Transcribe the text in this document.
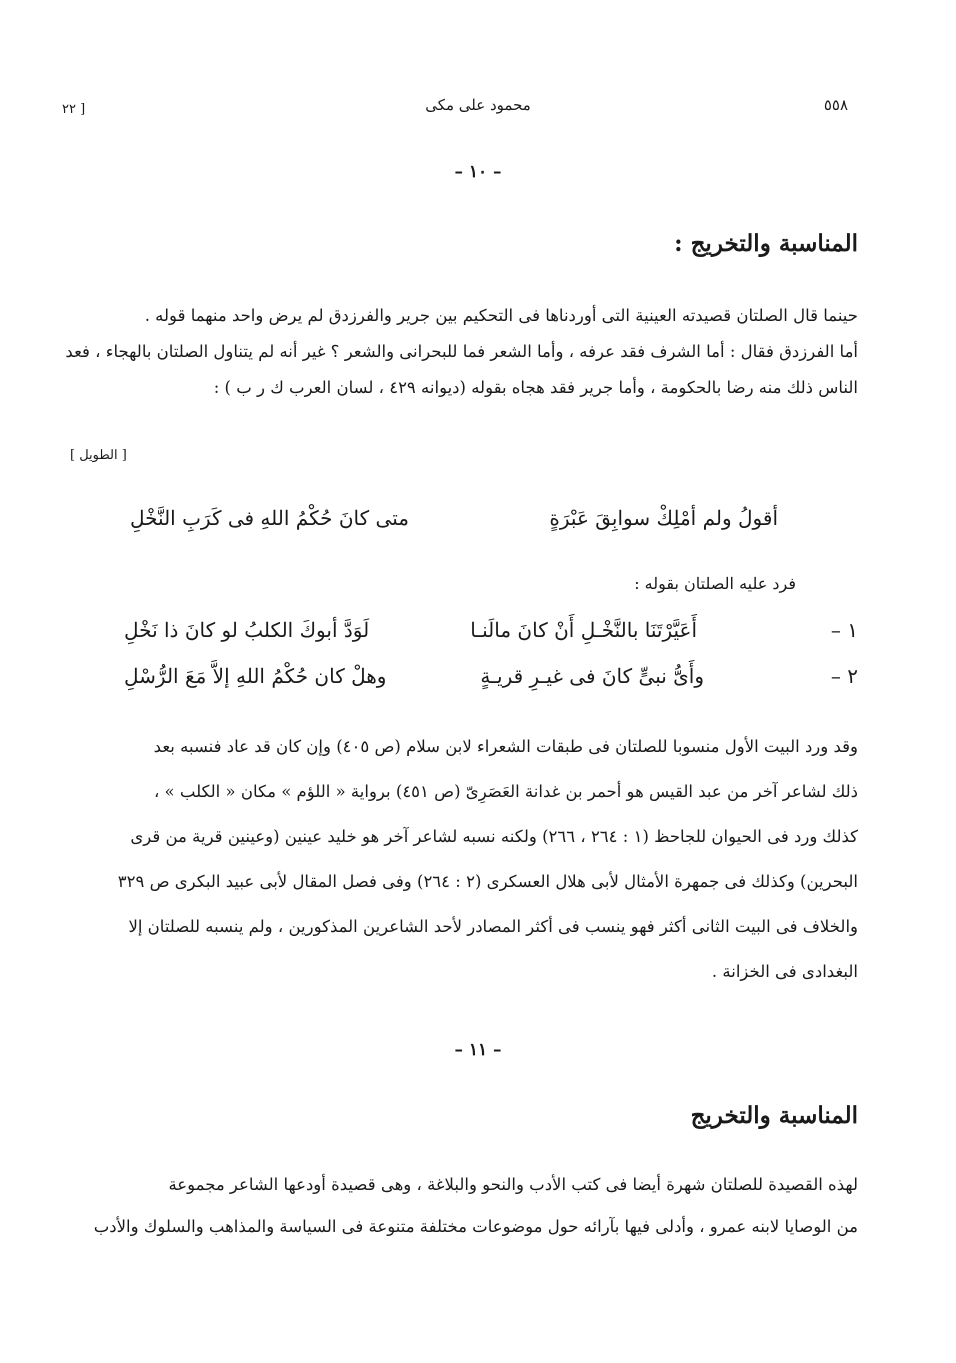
٥٥٨
محمود على مكى
[ ٢٢
– ١٠ –
المناسبة والتخريج :

حينما قال الصلتان قصيدته العينية التى أوردناها فى التحكيم بين جرير والفرزدق لم يرض واحد منهما قوله .

أما الفرزدق فقال : أما الشرف فقد عرفه ، وأما الشعر فما للبحرانى والشعر ؟ غير أنه لم يتناول الصلتان بالهجاء ، فعد

الناس ذلك منه رضا بالحكومة ، وأما جرير فقد هجاه بقوله (ديوانه ٤٢٩ ، لسان العرب ك ر ب ) :

[ الطويل ]
أقولُ ولم أمْلِكْ سوابِقَ عَبْرَةٍ
متى كانَ حُكْمُ اللهِ فى كَرَبِ النَّخْلِ
فرد عليه الصلتان بقوله :
١ –
أَعَيَّرْتَنَا بالنَّخْـلِ أَنْ كانَ مالَنـا
لَوَدَّ أبوكَ الكلبُ لو كانَ ذا نَخْلِ
٢ –
وأَىُّ نبىٍّ كانَ فى غيـرِ قريـةٍ
وهلْ كان حُكْمُ اللهِ إلاَّ مَعَ الرُّسْلِ

وقد ورد البيت الأول منسوبا للصلتان فى طبقات الشعراء لابن سلام (ص ٤٠٥) وإن كان قد عاد فنسبه بعد

ذلك لشاعر آخر من عبد القيس هو أحمر بن غدانة العَصَرِىّ (ص ٤٥١) برواية « اللؤم » مكان « الكلب » ،

كذلك ورد فى الحيوان للجاحظ (١ : ٢٦٤ ، ٢٦٦) ولكنه نسبه لشاعر آخر هو خليد عينين (وعينين قرية من قرى

البحرين) وكذلك فى جمهرة الأمثال لأبى هلال العسكرى (٢ : ٢٦٤) وفى فصل المقال لأبى عبيد البكرى ص ٣٢٩

والخلاف فى البيت الثانى أكثر فهو ينسب فى أكثر المصادر لأحد الشاعرين المذكورين ، ولم ينسبه للصلتان إلا

البغدادى فى الخزانة .

– ١١ –
المناسبة والتخريج

لهذه القصيدة للصلتان شهرة أيضا فى كتب الأدب والنحو والبلاغة ، وهى قصيدة أودعها الشاعر مجموعة

من الوصايا لابنه عمرو ، وأدلى فيها بآرائه حول موضوعات مختلفة متنوعة فى السياسة والمذاهب والسلوك والأدب
